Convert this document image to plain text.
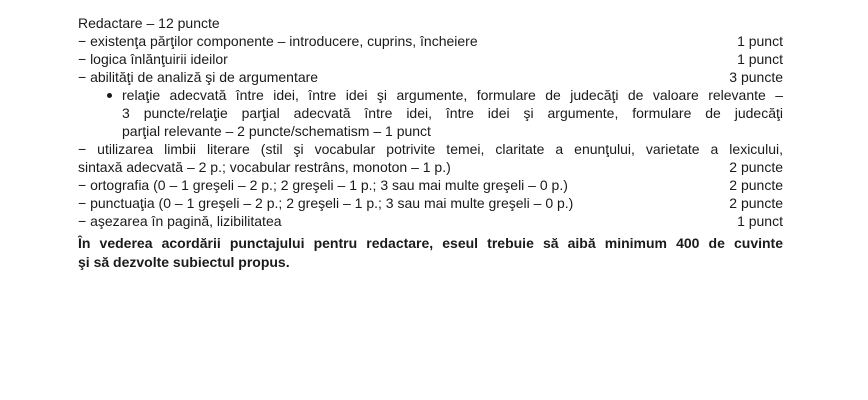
Redactare – 12 puncte
− existenţa părţilor componente – introducere, cuprins, încheiere	1 punct
− logica înlănţuirii ideilor	1 punct
− abilităţi de analiză şi de argumentare	3 puncte
relaţie adecvată între idei, între idei şi argumente, formulare de judecăţi de valoare relevante –
3 puncte/relaţie parţial adecvată între idei, între idei şi argumente, formulare de judecăţi
parţial relevante – 2 puncte/schematism – 1 punct
− utilizarea limbii literare (stil şi vocabular potrivite temei, claritate a enunţului, varietate a lexicului,
sintaxă adecvată – 2 p.; vocabular restrâns, monoton – 1 p.)	2 puncte
− ortografia (0 – 1 greşeli – 2 p.; 2 greşeli – 1 p.; 3 sau mai multe greşeli – 0 p.)	2 puncte
− punctuaţia (0 – 1 greşeli – 2 p.; 2 greşeli – 1 p.; 3 sau mai multe greşeli – 0 p.)	2 puncte
− aşezarea în pagină, lizibilitatea	1 punct
În vederea acordării punctajului pentru redactare, eseul trebuie să aibă minimum 400 de cuvinte
şi să dezvolte subiectul propus.
